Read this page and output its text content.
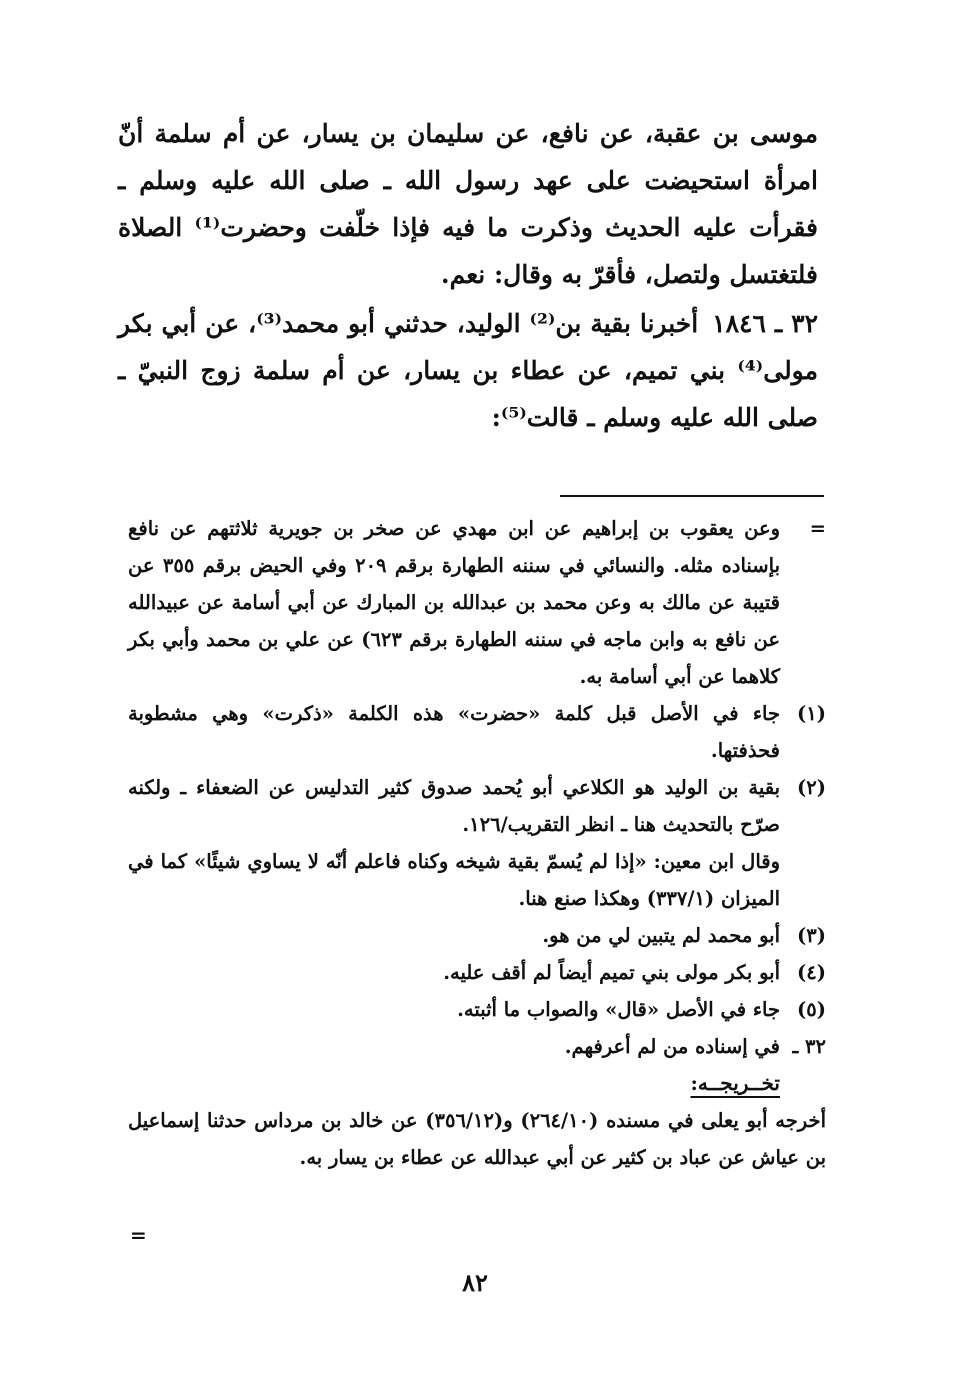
موسى بن عقبة، عن نافع، عن سليمان بن يسار، عن أم سلمة أنّ امرأة استحيضت على عهد رسول الله ـ صلى الله عليه وسلم ـ فقرأت عليه الحديث وذكرت ما فيه فإذا خلّفت وحضرت⁽¹⁾ الصلاة فلتغتسل ولتصل، فأقرّ به وقال: نعم.

٣٢ ـ ١٨٤٦أخبرنا بقية بن⁽²⁾ الوليد، حدثني أبو محمد⁽³⁾، عن أبي بكر مولى⁽⁴⁾ بني تميم، عن عطاء بن يسار، عن أم سلمة زوج النبيّ ـ صلى الله عليه وسلم ـ قالت⁽⁵⁾:

=
وعن يعقوب بن إبراهيم عن ابن مهدي عن صخر بن جويرية ثلاثتهم عن نافع بإسناده مثله. والنسائي في سننه الطهارة برقم ٢٠٩ وفي الحيض برقم ٣٥٥ عن قتيبة عن مالك به وعن محمد بن عبدالله بن المبارك عن أبي أسامة عن عبيدالله عن نافع به وابن ماجه في سننه الطهارة برقم ٦٢٣) عن علي بن محمد وأبي بكر كلاهما عن أبي أسامة به.
(١)
جاء في الأصل قبل كلمة «حضرت» هذه الكلمة «ذكرت» وهي مشطوبة فحذفتها.
(٢)
بقية بن الوليد هو الكلاعي أبو يُحمد صدوق كثير التدليس عن الضعفاء ـ ولكنه صرّح بالتحديث هنا ـ انظر التقريب/١٢٦.
وقال ابن معين: «إذا لم يُسمّ بقية شيخه وكناه فاعلم أنّه لا يساوي شيئًا» كما في الميزان (٣٣٧/١) وهكذا صنع هنا.
(٣)
أبو محمد لم يتبين لي من هو.
(٤)
أبو بكر مولى بني تميم أيضاً لم أقف عليه.
(٥)
جاء في الأصل «قال» والصواب ما أثبته.
٣٢ ـ
في إسناده من لم أعرفهم.
تخــريجــه:
أخرجه أبو يعلى في مسنده (٢٦٤/١٠) و(٣٥٦/١٢) عن خالد بن مرداس حدثنا إسماعيل بن عياش عن عباد بن كثير عن أبي عبدالله عن عطاء بن يسار به.
=
٨٢
